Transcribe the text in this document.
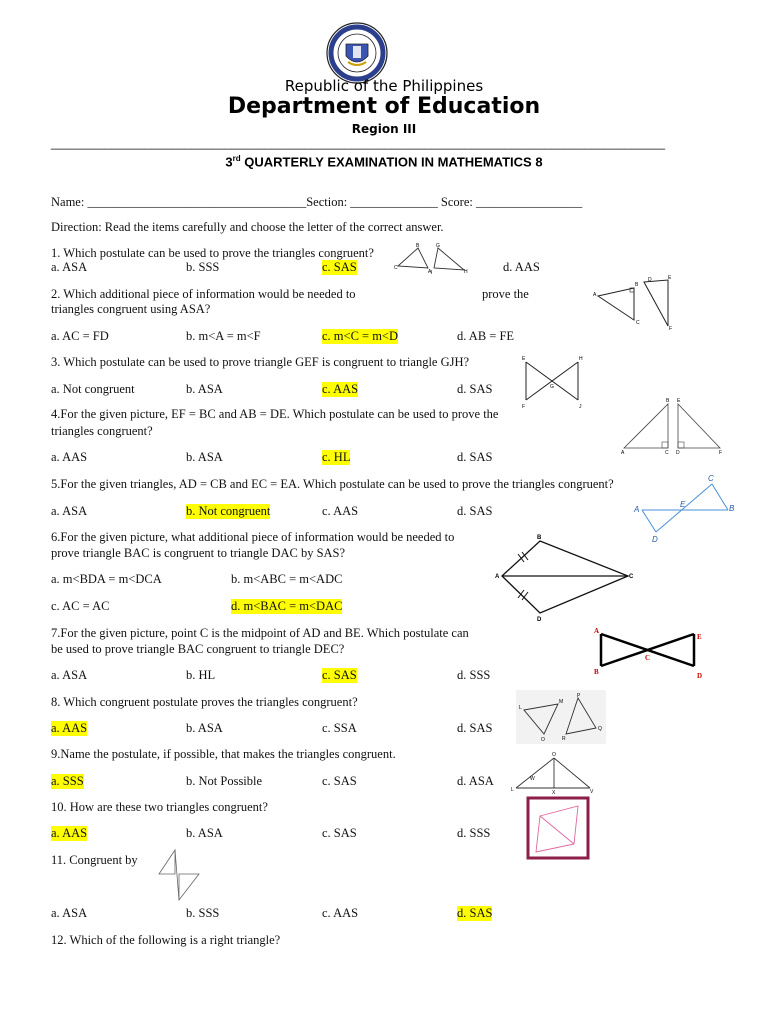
Republic of the Philippines
Department of Education
Region III
____________________________________________________________________________________________
3rd QUARTERLY EXAMINATION IN MATHEMATICS 8
Name: ___________________________________Section: ______________ Score: _________________
Direction: Read the items carefully and choose the letter of the correct answer.
1. Which postulate can be used to prove the triangles congruent?
a. ASA	b. SSS	c. SAS	d. AAS
C
B
A
G
I	H
2. Which additional piece of information would be needed to	prove the
triangles congruent using ASA?
a. AC = FD	b. m<A = m<F	c. m<C = m<D	d. AB = FE
A
B
C
D	E
F
3. Which postulate can be used to prove triangle GEF is congruent to triangle GJH?
a. Not congruent	b. ASA	c. AAS	d. SAS
E	H
G
F	J
4.For the given picture, EF = BC and AB = DE. Which postulate can be used to prove the
triangles congruent?
a. AAS	b. ASA	c. HL	d. SAS
B E
A	C D	F
5.For the given triangles, AD = CB and EC = EA. Which postulate can be used to prove the triangles congruent?
a. ASA	b. Not congruent	c. AAS	d. SAS	A
C
E	B
D
6.For the given picture, what additional piece of information would be needed to
prove triangle BAC is congruent to triangle DAC by SAS?
a. m<BDA = m<DCA	b. m<ABC = m<ADC
c. AC = AC	d. m<BAC = m<DAC
B
A	C
D
7.For the given picture, point C is the midpoint of AD and BE. Which postulate can
be used to prove triangle BAC congruent to triangle DEC?
a. ASA	b. HL	c. SAS	d. SSS
A
E
C
B	D
8. Which congruent postulate proves the triangles congruent?
a. AAS	b. ASA	c. SSA	d. SAS
L
M
P
O	R
Q
9.Name the postulate, if possible, that makes the triangles congruent.
a. SSS	b. Not Possible	c. SAS	d. ASA
O
W
X
L	V
10. How are these two triangles congruent?
a. AAS	b. ASA	c. SAS	d. SSS
11. Congruent by
a. ASA	b. SSS	c. AAS	d. SAS
12. Which of the following is a right triangle?
